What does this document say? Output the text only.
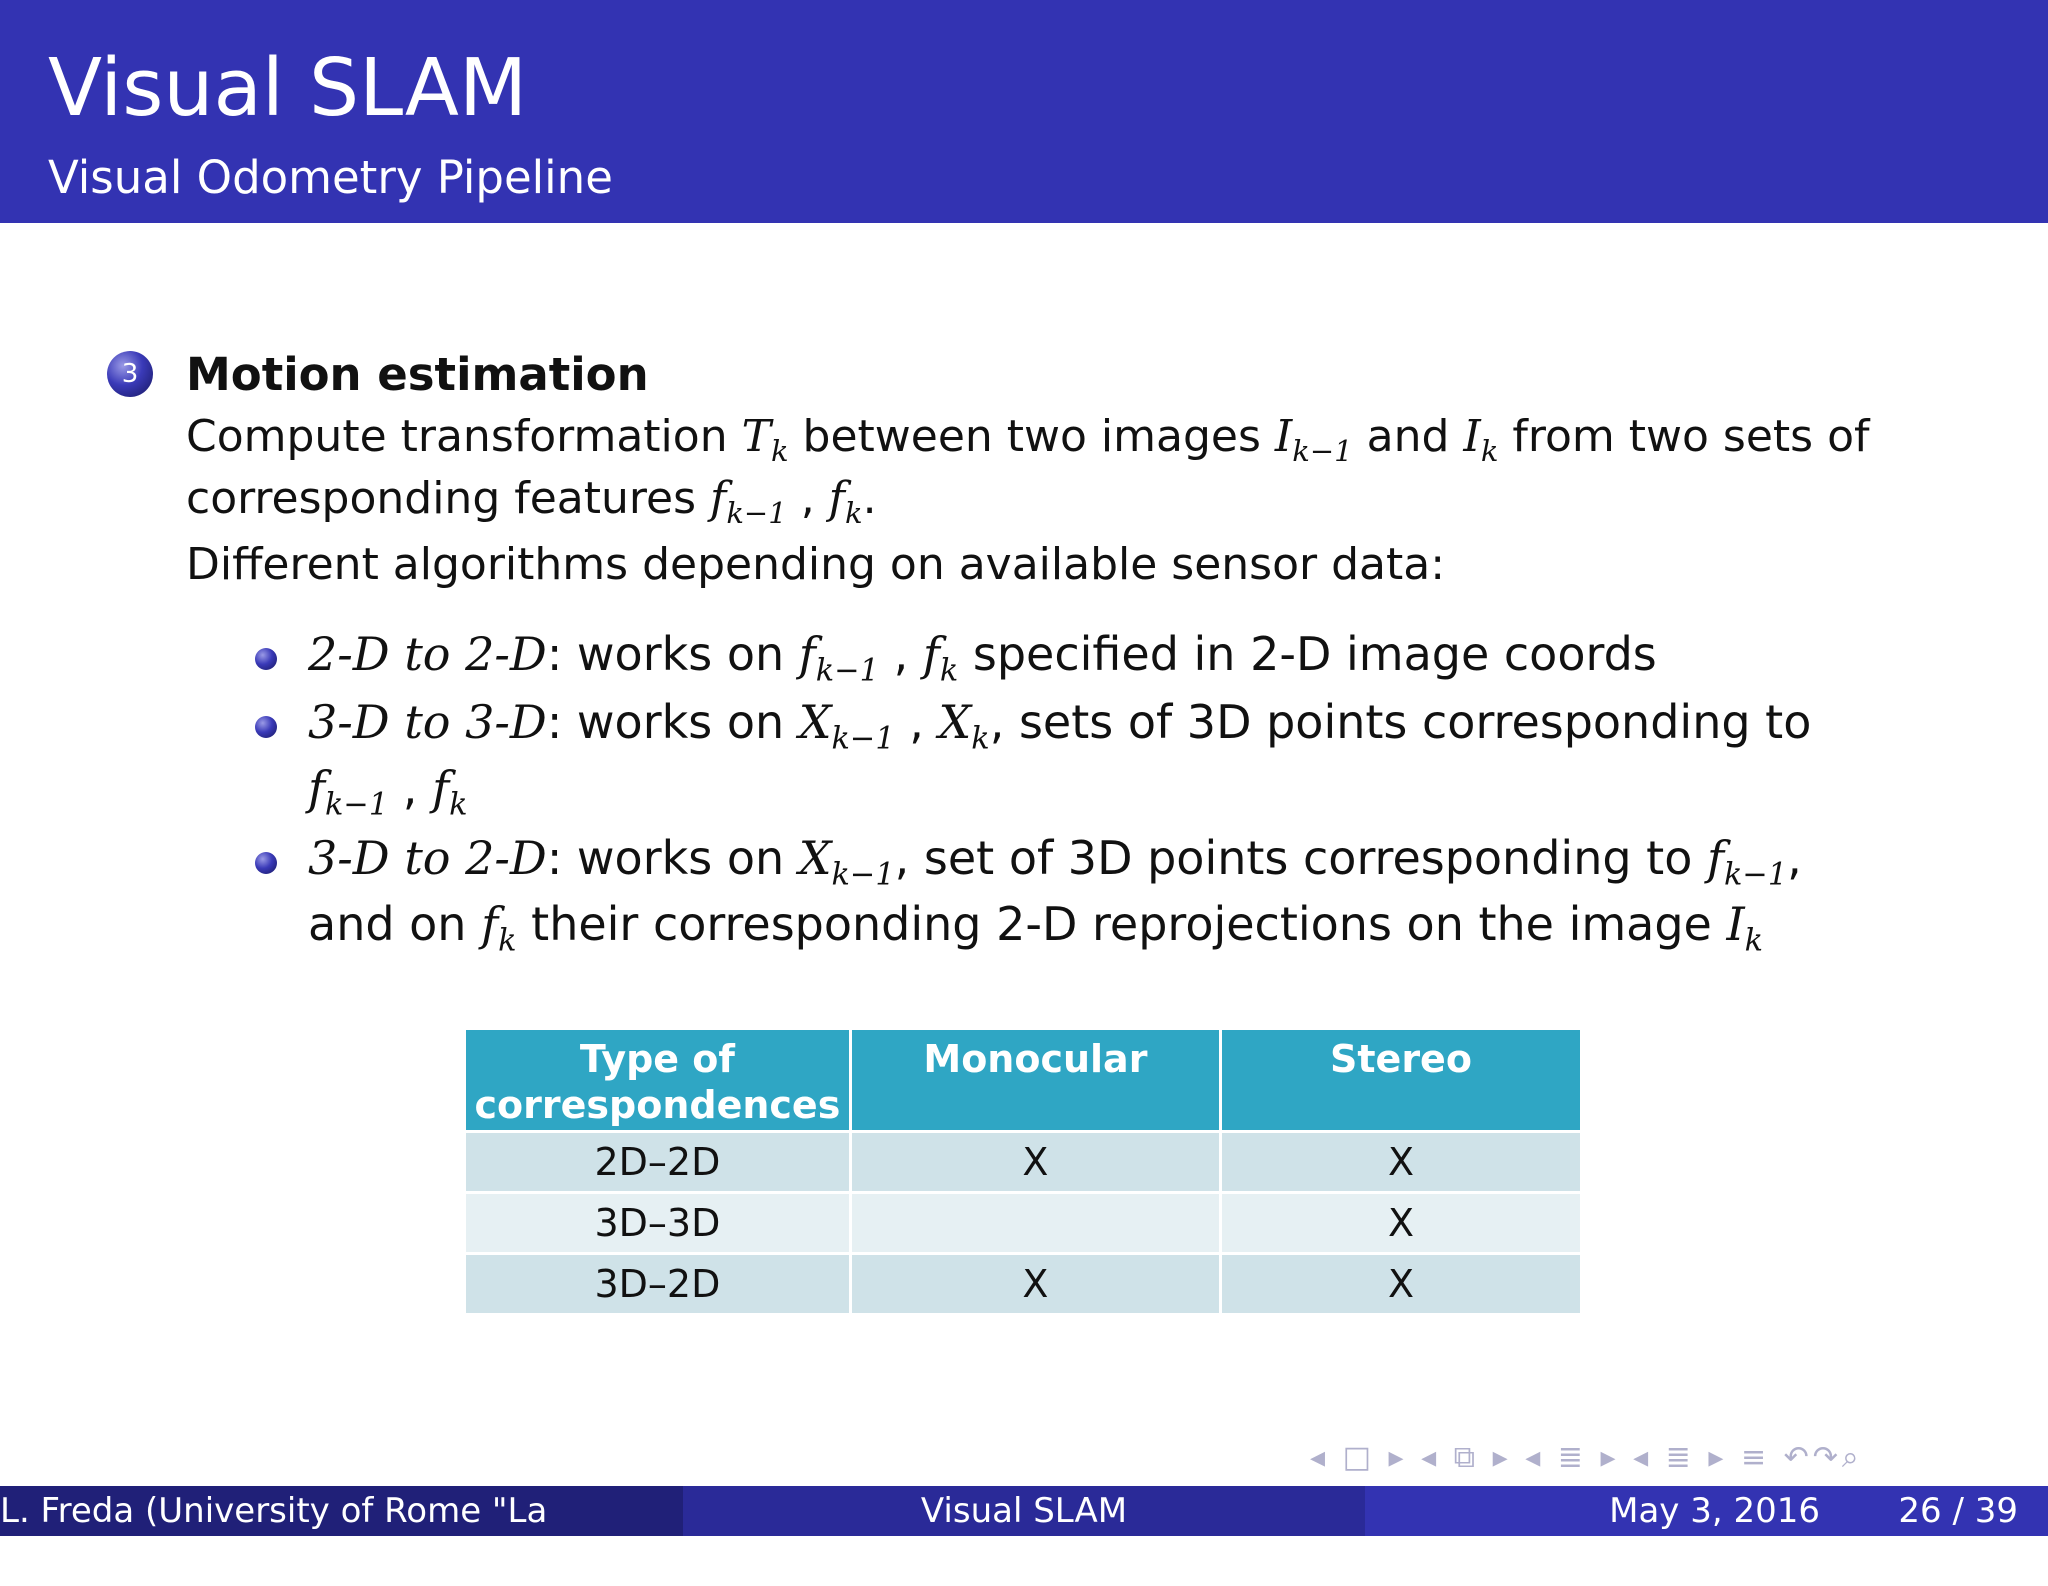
Visual SLAM
Visual Odometry Pipeline
3	Motion estimation
Compute transformation $T_k$ between two images $I_{k-1}$ and $I_k$ from two sets of
corresponding features $f_{k-1}$ , $f_k$.
Different algorithms depending on available sensor data:
2-D to 2-D: works on $f_{k-1}$ , $f_k$ specified in 2-D image coords
3-D to 3-D: works on $X_{k-1}$ , $X_k$, sets of 3D points corresponding to
$f_{k-1}$ , $f_k$
3-D to 2-D: works on $X_{k-1}$, set of 3D points corresponding to $f_{k-1}$,
and on $f_k$ their corresponding 2-D reprojections on the image $I_k$
Type of correspondences	Monocular	Stereo
2D–2D	X	X
3D–3D		X
3D–2D	X	X
◂ □ ▸ ◂ ⧉ ▸ ◂ ≣ ▸ ◂ ≣ ▸ ≡ ↶↷⌕
L. Freda (University of Rome "La Sapienza")
Visual SLAM	May 3, 2016 26 / 39
